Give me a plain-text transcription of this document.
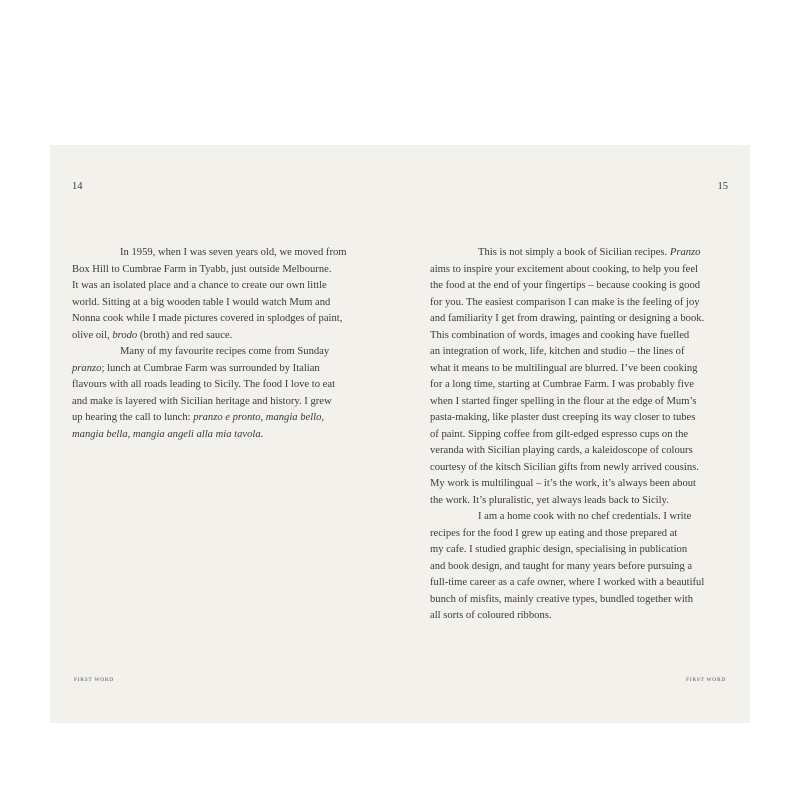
14

In 1959, when I was seven years old, we moved from
Box Hill to Cumbrae Farm in Tyabb, just outside Melbourne.
It was an isolated place and a chance to create our own little
world. Sitting at a big wooden table I would watch Mum and
Nonna cook while I made pictures covered in splodges of paint,
olive oil, brodo (broth) and red sauce.

Many of my favourite recipes come from Sunday
pranzo; lunch at Cumbrae Farm was surrounded by Italian
flavours with all roads leading to Sicily. The food I love to eat
and make is layered with Sicilian heritage and history. I grew
up hearing the call to lunch: pranzo e pronto, mangia bello,
mangia bella, mangia angeli alla mia tavola.

FIRST WORD
15

This is not simply a book of Sicilian recipes. Pranzo
aims to inspire your excitement about cooking, to help you feel
the food at the end of your fingertips – because cooking is good
for you. The easiest comparison I can make is the feeling of joy
and familiarity I get from drawing, painting or designing a book.
This combination of words, images and cooking have fuelled
an integration of work, life, kitchen and studio – the lines of
what it means to be multilingual are blurred. I’ve been cooking
for a long time, starting at Cumbrae Farm. I was probably five
when I started finger spelling in the flour at the edge of Mum’s
pasta-making, like plaster dust creeping its way closer to tubes
of paint. Sipping coffee from gilt-edged espresso cups on the
veranda with Sicilian playing cards, a kaleidoscope of colours
courtesy of the kitsch Sicilian gifts from newly arrived cousins.
My work is multilingual – it’s the work, it’s always been about
the work. It’s pluralistic, yet always leads back to Sicily.

I am a home cook with no chef credentials. I write
recipes for the food I grew up eating and those prepared at
my cafe. I studied graphic design, specialising in publication
and book design, and taught for many years before pursuing a
full-time career as a cafe owner, where I worked with a beautiful
bunch of misfits, mainly creative types, bundled together with
all sorts of coloured ribbons.

FIRST WORD
